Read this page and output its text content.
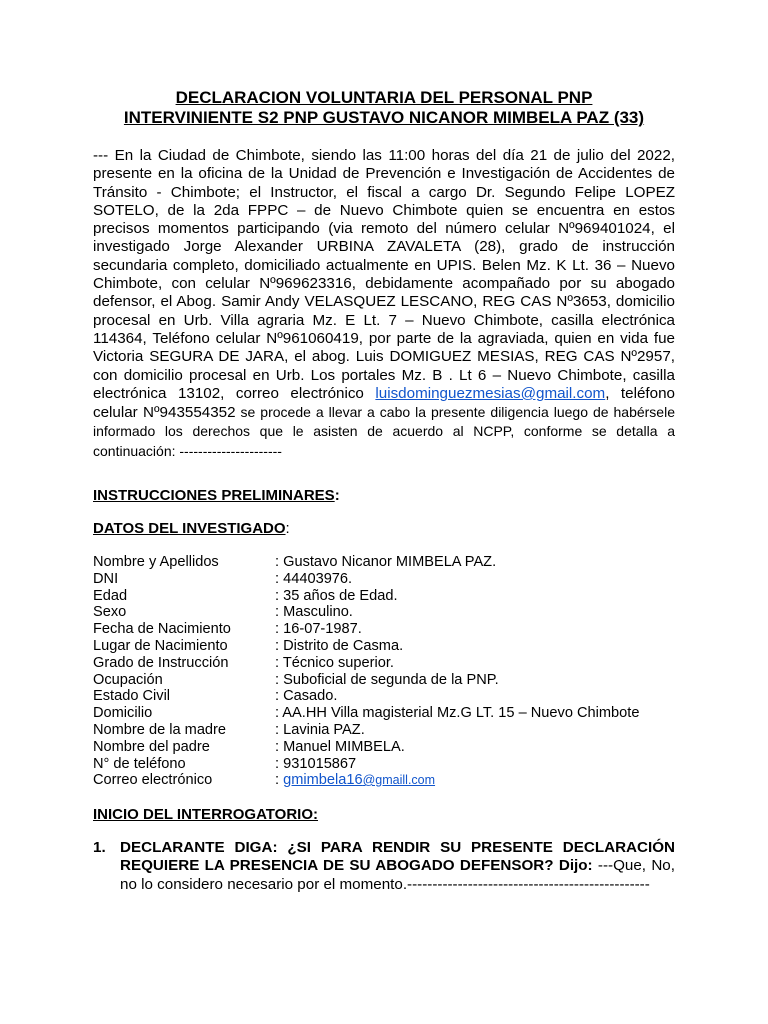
DECLARACION VOLUNTARIA DEL PERSONAL PNP
INTERVINIENTE S2 PNP GUSTAVO NICANOR MIMBELA PAZ (33)
--- En la Ciudad de Chimbote, siendo las 11:00 horas del día 21 de julio del 2022, presente en la oficina de la Unidad de Prevención e Investigación de Accidentes de Tránsito - Chimbote; el Instructor, el fiscal a cargo Dr. Segundo Felipe LOPEZ SOTELO, de la 2da FPPC – de Nuevo Chimbote quien se encuentra en estos precisos momentos participando (via remoto del número celular Nº969401024, el investigado Jorge Alexander URBINA ZAVALETA (28), grado de instrucción secundaria completo, domiciliado actualmente en UPIS. Belen Mz. K Lt. 36 – Nuevo Chimbote, con celular Nº969623316, debidamente acompañado por su abogado defensor, el Abog. Samir Andy VELASQUEZ LESCANO, REG CAS Nº3653, domicilio procesal en Urb. Villa agraria Mz. E Lt. 7 – Nuevo Chimbote, casilla electrónica 114364, Teléfono celular Nº961060419, por parte de la agraviada, quien en vida fue Victoria SEGURA DE JARA, el abog. Luis DOMIGUEZ MESIAS, REG CAS Nº2957, con domicilio procesal en Urb. Los portales Mz. B . Lt 6 – Nuevo Chimbote, casilla electrónica 13102, correo electrónico luisdominguezmesias@gmail.com, teléfono celular Nº943554352 se procede a llevar a cabo la presente diligencia luego de habérsele informado los derechos que le asisten de acuerdo al NCPP, conforme se detalla a continuación: ----------------------
INSTRUCCIONES PRELIMINARES:
DATOS DEL INVESTIGADO:
Nombre y Apellidos	: Gustavo Nicanor MIMBELA PAZ.
DNI	: 44403976.
Edad	: 35 años de Edad.
Sexo	: Masculino.
Fecha de Nacimiento	: 16-07-1987.
Lugar de Nacimiento	: Distrito de Casma.
Grado de Instrucción	: Técnico superior.
Ocupación	: Suboficial de segunda de la PNP.
Estado Civil	: Casado.
Domicilio	: AA.HH Villa magisterial Mz.G LT. 15 – Nuevo Chimbote
Nombre de la madre	: Lavinia PAZ.
Nombre del padre	: Manuel MIMBELA.
N° de teléfono	: 931015867
Correo electrónico	: gmimbela16@gmaill.com
INICIO DEL INTERROGATORIO:
1. DECLARANTE DIGA: ¿SI PARA RENDIR SU PRESENTE DECLARACIÓN REQUIERE LA PRESENCIA DE SU ABOGADO DEFENSOR? Dijo: ---Que, No, no lo considero necesario por el momento.------------------------------------------------
